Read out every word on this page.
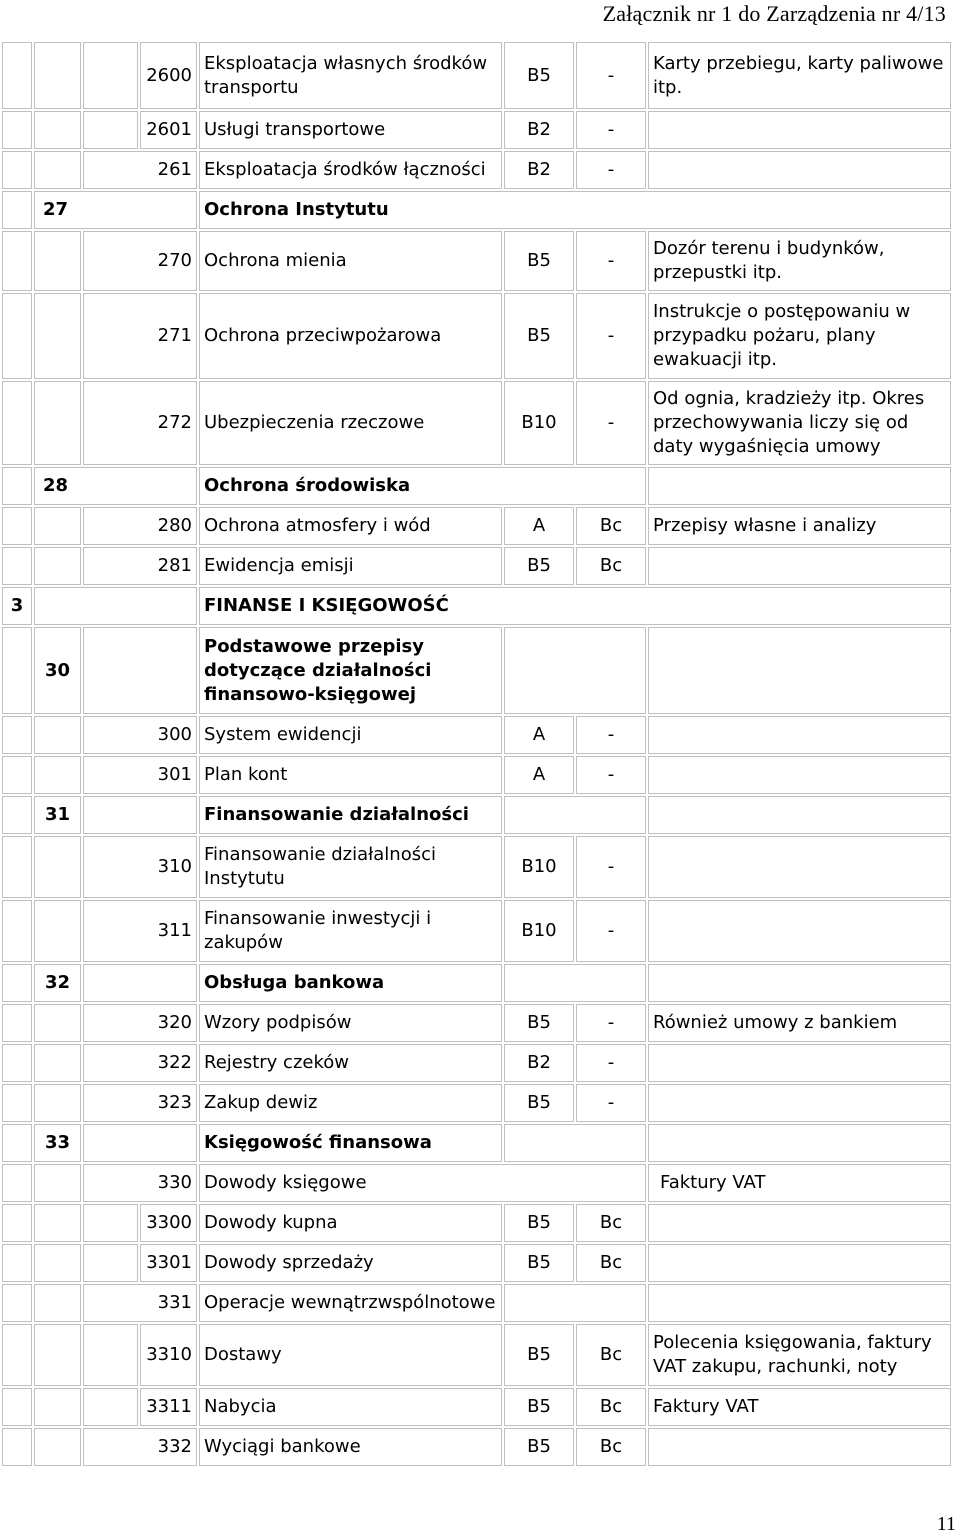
Załącznik nr 1 do Zarządzenia nr 4/13
			2600	Eksploatacja własnych środków transportu	B5	-	Karty przebiegu, karty paliwowe itp.
			2601	Usługi transportowe	B2	-	
		261		Eksploatacja środków łączności	B2	-	
	27			Ochrona Instytutu			
		270		Ochrona mienia	B5	-	Dozór terenu i budynków, przepustki itp.
		271		Ochrona przeciwpożarowa	B5	-	Instrukcje o postępowaniu w przypadku pożaru, plany ewakuacji itp.
		272		Ubezpieczenia rzeczowe	B10	-	Od ognia, kradzieży itp. Okres przechowywania liczy się od daty wygaśnięcia umowy
	28			Ochrona środowiska			
		280		Ochrona atmosfery i wód	A	Bc	Przepisy własne i analizy
		281		Ewidencja emisji	B5	Bc	
3				FINANSE I KSIĘGOWOŚĆ			
	30			Podstawowe przepisy dotyczące działalności finansowo-księgowej			
		300		System ewidencji	A	-	
		301		Plan kont	A	-	
	31			Finansowanie działalności			
		310		Finansowanie działalności Instytutu	B10	-	
		311		Finansowanie inwestycji i zakupów	B10	-	
	32			Obsługa bankowa			
		320		Wzory podpisów	B5	-	Również umowy z bankiem
		322		Rejestry czeków	B2	-	
		323		Zakup dewiz	B5	-	
	33			Księgowość finansowa			
		330		Dowody księgowe			Faktury VAT
			3300	Dowody kupna	B5	Bc	
			3301	Dowody sprzedaży	B5	Bc	
		331		Operacje wewnątrzwspólnotowe			
			3310	Dostawy	B5	Bc	Polecenia księgowania, faktury VAT zakupu, rachunki, noty
			3311	Nabycia	B5	Bc	Faktury VAT
		332		Wyciągi bankowe	B5	Bc	
11
